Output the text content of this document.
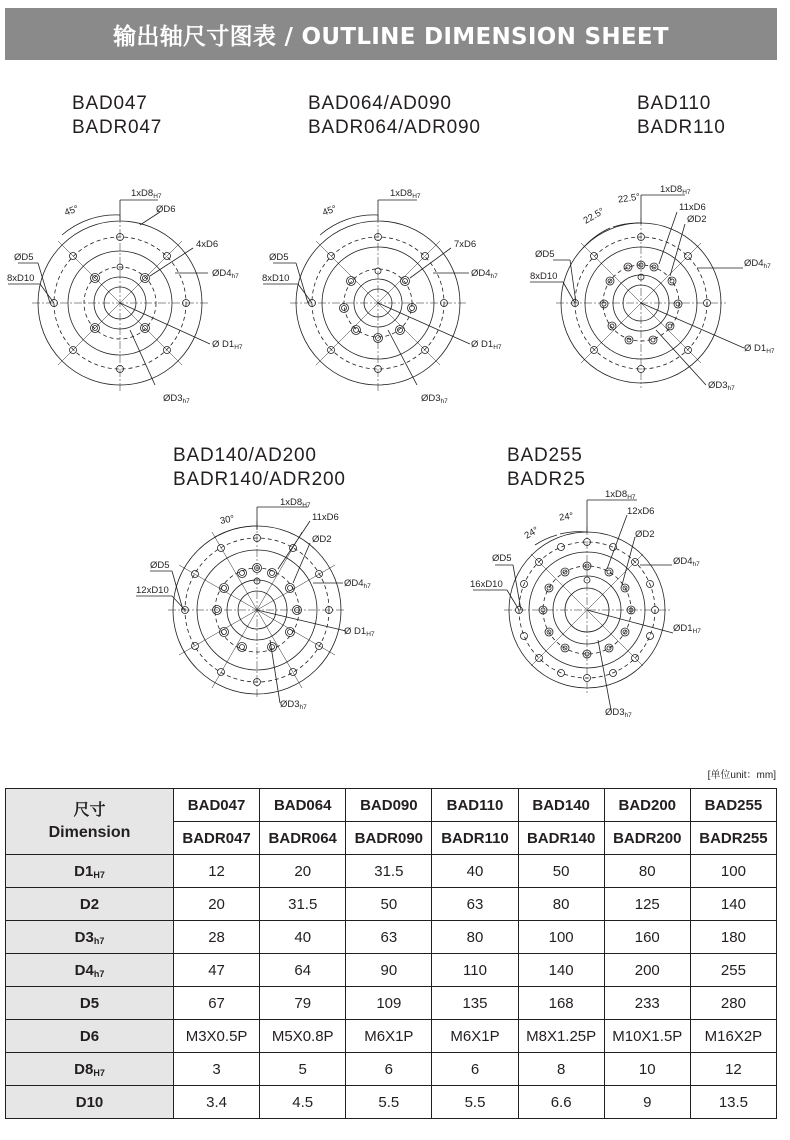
输出轴尺寸图表 / OUTLINE DIMENSION SHEET
BAD047
BADR047
BAD064/AD090
BADR064/ADR090
BAD110
BADR110
BAD140/AD200
BADR140/ADR200
BAD255
BADR25
45°
$1xD8_{H7}$
ØD6
4xD6
ØD5
8xD10	$ØD4_{h7}$
Ø $D1_{H7}$
$ØD3_{h7}$
45°
$1xD8_{H7}$
7xD6
ØD5
8xD10	$ØD4_{h7}$
Ø $D1_{H7}$
$ØD3_{h7}$
22.5°
22.5°
$1xD8_{H7}$
11xD6
ØD2
ØD5
8xD10
$ØD4_{h7}$
Ø $D1_{H7}$
$ØD3_{h7}$
30°
$1xD8_{H7}$
11xD6
ØD2
ØD5
12xD10
$ØD4_{h7}$
Ø $D1_{H7}$
$ØD3_{h7}$
24°
24°
$1xD8_{H7}$
12xD6
ØD2
ØD5
16xD10
$ØD4_{h7}$
$ØD1_{H7}$
$ØD3_{h7}$
[单位unit：mm]
尺寸
Dimension	BAD047	BAD064	BAD090	BAD110	BAD140	BAD200	BAD255
	BADR047	BADR064	BADR090	BADR110	BADR140	BADR200	BADR255
$D1_{H7}$	12	20	31.5	40	50	80	100
D2	20	31.5	50	63	80	125	140
$D3_{h7}$	28	40	63	80	100	160	180
$D4_{h7}$	47	64	90	110	140	200	255
D5	67	79	109	135	168	233	280
D6	M3X0.5P	M5X0.8P	M6X1P	M6X1P	M8X1.25P	M10X1.5P	M16X2P
$D8_{H7}$	3	5	6	6	8	10	12
D10	3.4	4.5	5.5	5.5	6.6	9	13.5
